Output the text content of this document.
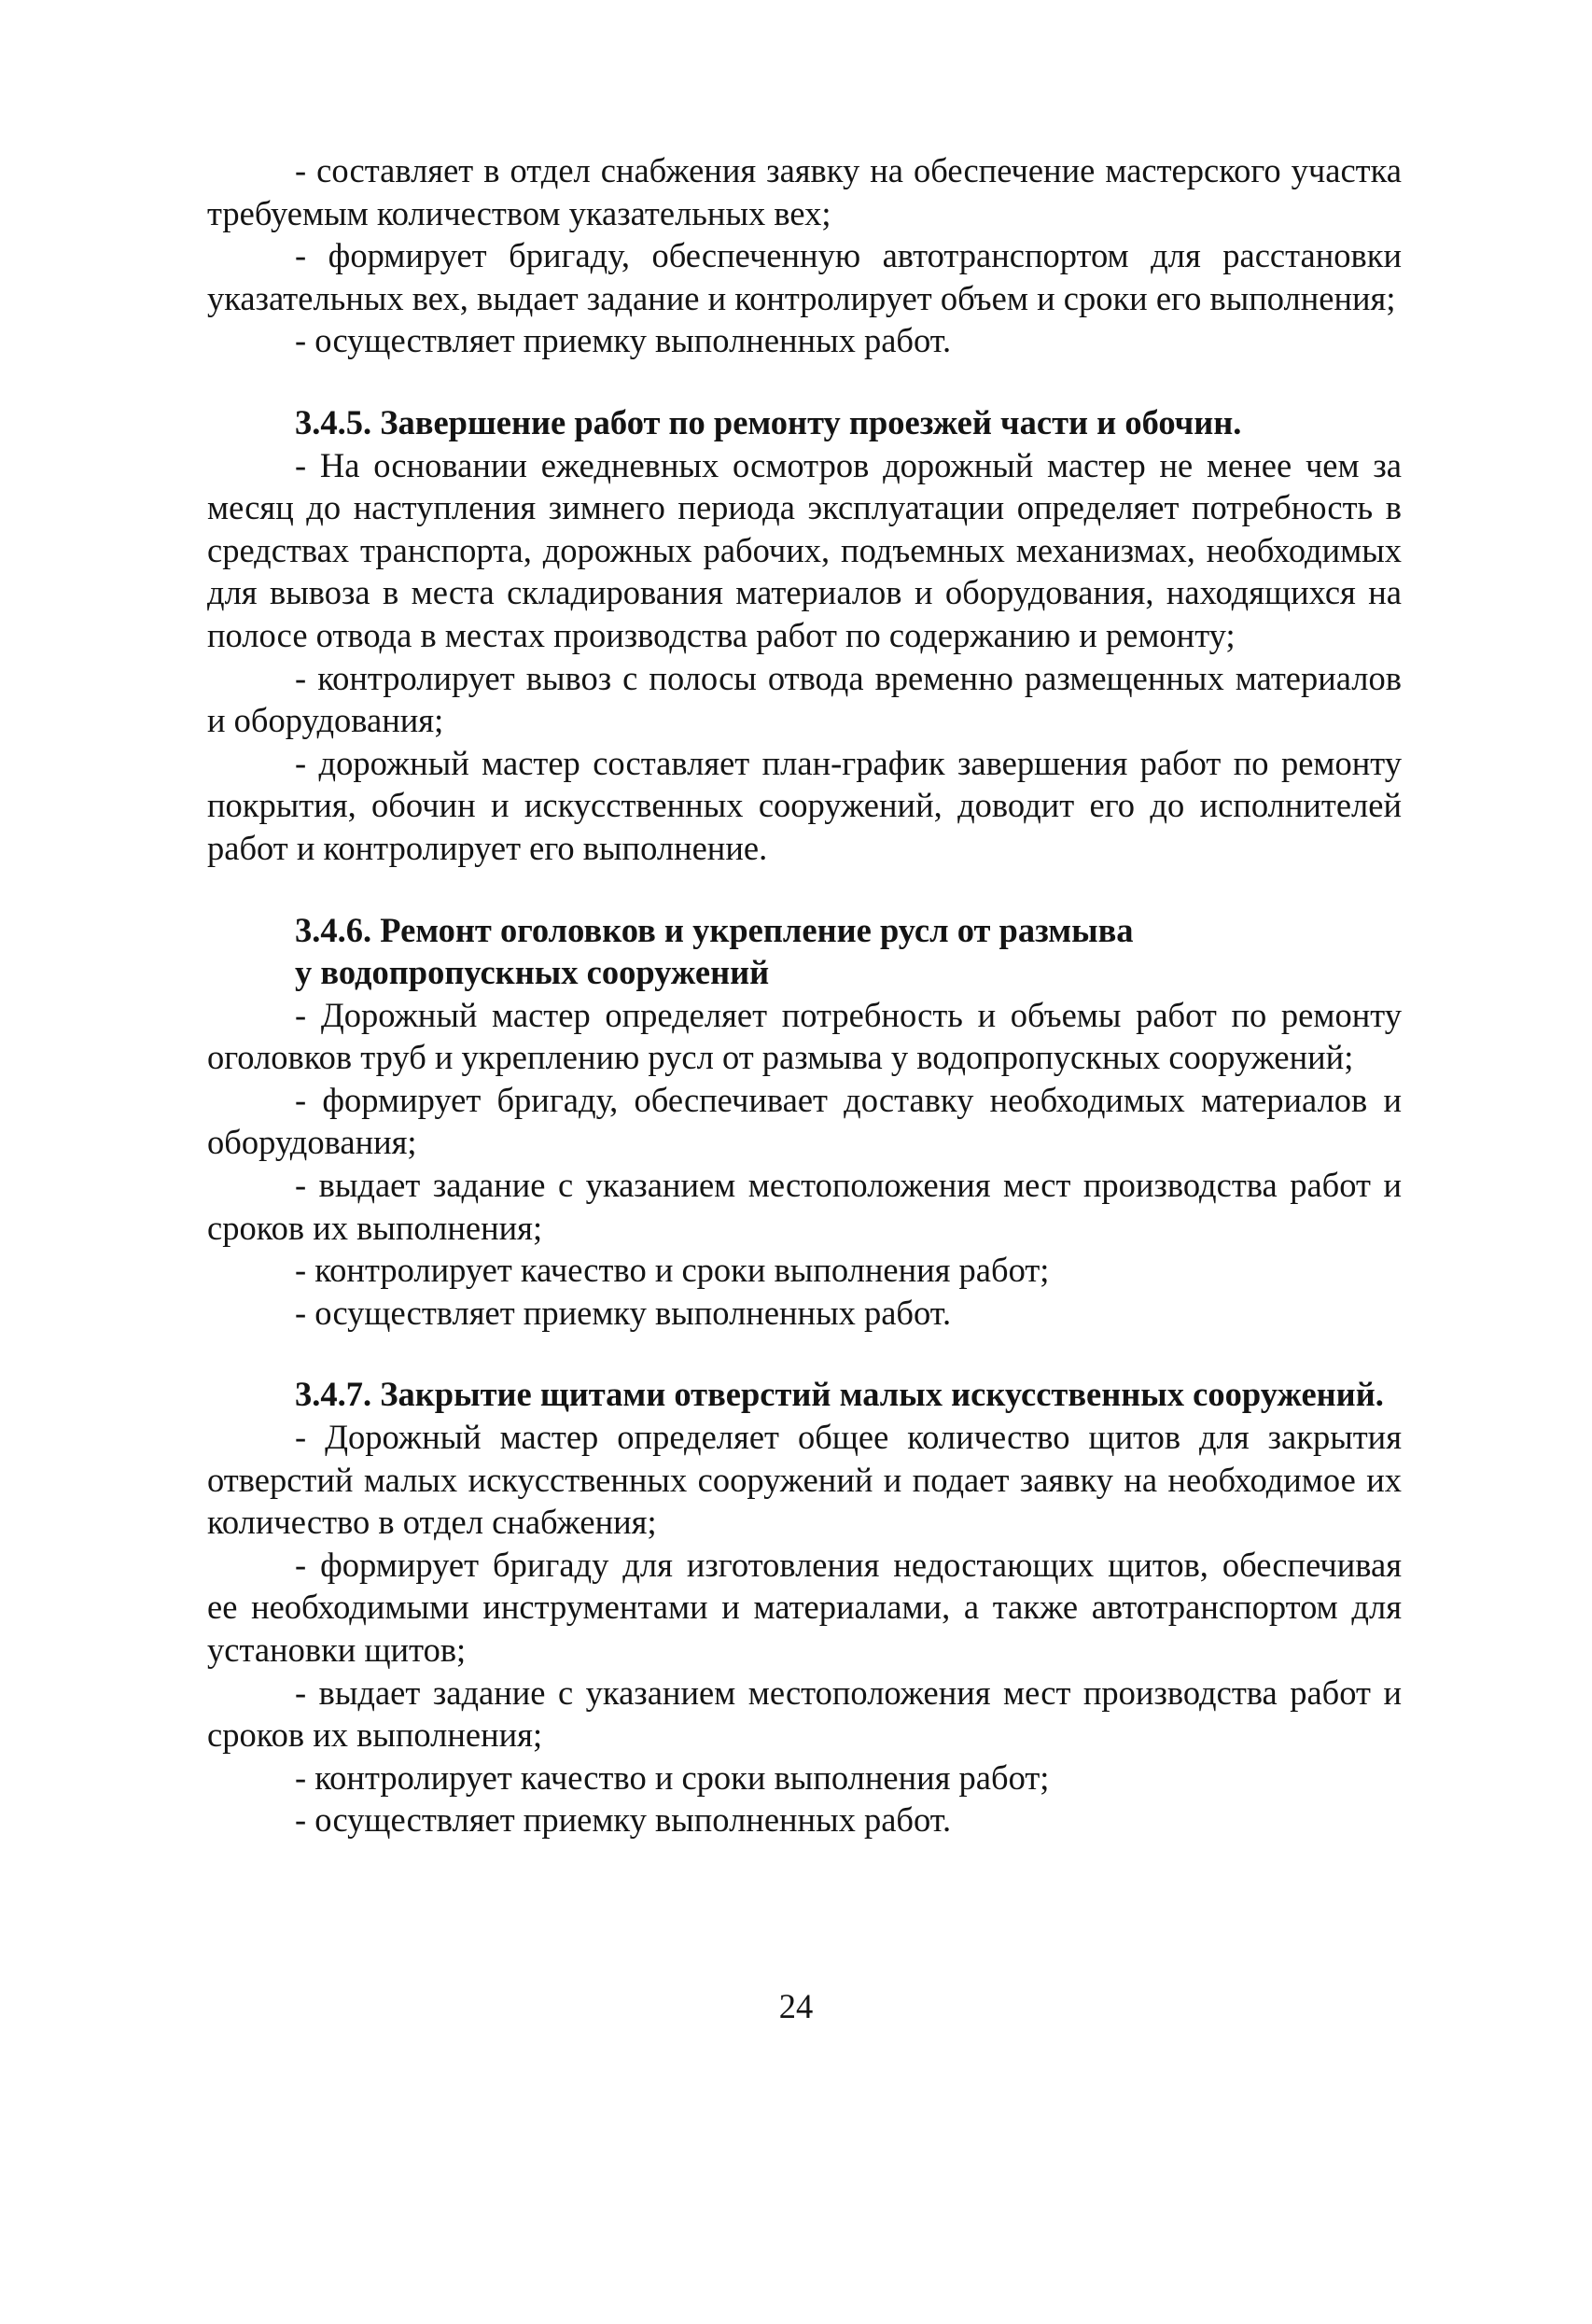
- составляет в отдел снабжения заявку на обеспечение мастерского участка требуемым количеством указательных вех;

- формирует бригаду, обеспеченную автотранспортом для расстановки указательных вех, выдает задание и контролирует объем и сроки его выполнения;

- осуществляет приемку выполненных работ.

3.4.5. Завершение работ по ремонту проезжей части и обочин.

- На основании ежедневных осмотров дорожный мастер не менее чем за месяц до наступления зимнего периода эксплуатации определяет потребность в средствах транспорта, дорожных рабочих, подъемных механизмах, необходимых для вывоза в места складирования материалов и оборудования, находящихся на полосе отвода в местах производства работ по содержанию и ремонту;

- контролирует вывоз с полосы отвода временно размещенных материалов и оборудования;

- дорожный мастер составляет план-график завершения работ по ремонту покрытия, обочин и искусственных сооружений, доводит его до исполнителей работ и контролирует его выполнение.

3.4.6. Ремонт оголовков и укрепление русл от размыва

у водопропускных сооружений

- Дорожный мастер определяет потребность и объемы работ по ремонту оголовков труб и укреплению русл от размыва у водопропускных сооружений;

- формирует бригаду, обеспечивает доставку необходимых материалов и оборудования;

- выдает задание с указанием местоположения мест производства работ и сроков их выполнения;

- контролирует качество и сроки выполнения работ;

- осуществляет приемку выполненных работ.

3.4.7. Закрытие щитами отверстий малых искусственных сооружений.

- Дорожный мастер определяет общее количество щитов для закрытия отверстий малых искусственных сооружений и подает заявку на необходимое их количество в отдел снабжения;

- формирует бригаду для изготовления недостающих щитов, обеспечивая ее необходимыми инструментами и материалами, а также автотранспортом для установки щитов;

- выдает задание с указанием местоположения мест производства работ и сроков их выполнения;

- контролирует качество и сроки выполнения работ;

- осуществляет приемку выполненных работ.

24
